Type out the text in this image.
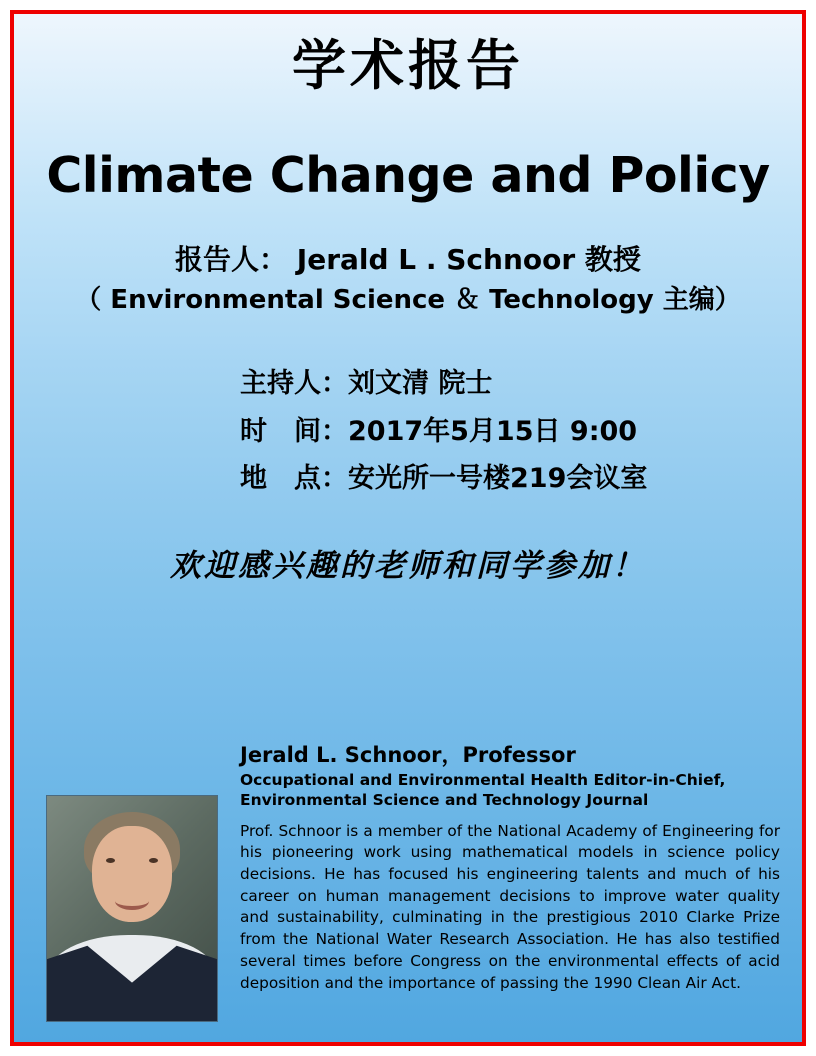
学术报告
Climate Change and Policy
报告人： Jerald L . Schnoor 教授
（ Environmental Science ＆ Technology 主编）
主持人：刘文清 院士
时　间：2017年5月15日 9:00
地　点：安光所一号楼219会议室
欢迎感兴趣的老师和同学参加！
Jerald L. Schnoor，Professor
Occupational and Environmental Health Editor-in-Chief, Environmental Science and Technology Journal
Prof. Schnoor is a member of the National Academy of Engineering for his pioneering work using mathematical models in science policy decisions. He has focused his engineering talents and much of his career on human management decisions to improve water quality and sustainability, culminating in the prestigious 2010 Clarke Prize from the National Water Research Association. He has also testified several times before Congress on the environmental effects of acid deposition and the importance of passing the 1990 Clean Air Act.
